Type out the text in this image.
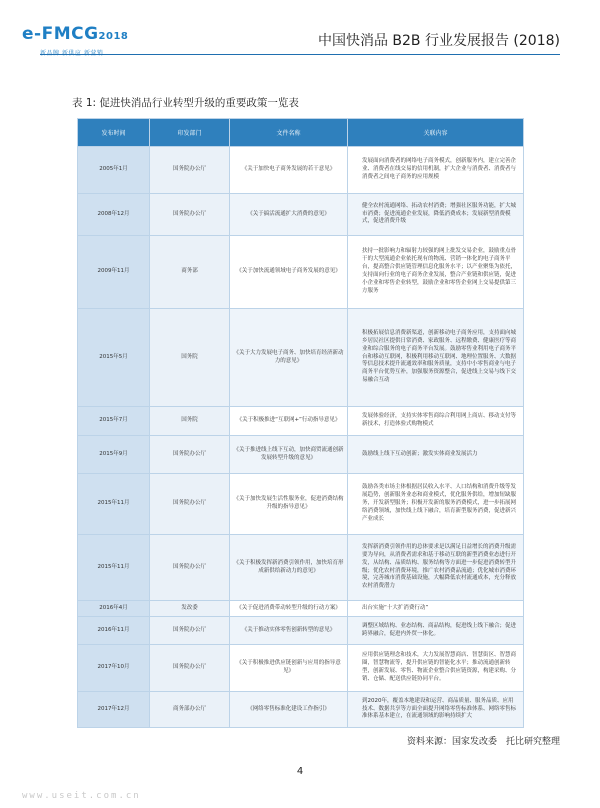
e-FMCG2018	中国快消品 B2B 行业发展报告 (2018)
表 1: 促进快消品行业转型升级的重要政策一览表
发布时间	印发部门	文件名称	关联内容
2005年1月	国务院办公厅	《关于加快电子商务发展的若干意见》	发展面向消费者的网络电子商务模式，创新服务内，建立完善企业、消费者在线交易的信用机制，扩大企业与消费者、消费者与消费者之间电子商务的应用规模
2008年12月	国务院办公厅	《关于搞活流通扩大消费的意见》	健全农村流通网络、拓动农村消费；增强社区服务功能，扩大城市消费；促进流通企业发展，降低消费成本；发展新型消费模式，促进消费升级
2009年11月	商务部	《关于加快流通领域电子商务发展的意见》	扶持一批影响力和辐射力较强的网上批发交易企业，鼓励重点骨干的大型流通企业依托现有的物流、营销一体化的电子商务平台，提高整合供应链管理信息化服务水平；以产业聚集为依托，支持面向行业的电子商务企业发展，整合产业链和供应链，促进小企业和零售企业转型，鼓励企业和零售企业网上交易提供第三方服务
2015年5月	国务院	《关于大力发展电子商务、加快培育经济新动力的意见》	积极拓展信息消费新渠道，创新移动电子商务应用，支持面向城乡居民社区提供日常消费、家政服务、远程缴费、健康医疗等商业和综合服务的电子商务平台发展。鼓励零售业利用电子商务平台和移动互联网，积极利用移动互联网、地理位置服务、大数据等信息技术提升流通效率和服务质量，支持中小零售商业与电子商务平台优势互补，加强服务资源整合，促进线上交易与线下交易融合互动
2015年7月	国务院	《关于积极推进“互联网+”行动指导意见》	发展体验经济，支持实体零售商综合利用网上商店、移动支付等新技术，打造体验式购物模式
2015年9月	国务院办公厅	《关于推进线上线下互动，加快商贸流通创新发展转型升级的意见》	鼓励线上线下互动创新；激发实体商业发展活力
2015年11月	国务院办公厅	《关于加快发展生活性服务业，促进消费结构升级的指导意见》	鼓励各类市场主体根据居民收入水平、人口结构和消费升级等发展趋势，创新服务业态和商业模式，优化服务供给，增加短缺服务，开发新型服务；积极开发新的服务消费模式，进一步拓展网络消费领域，加快线上线下融合，培育新型服务消费，促进新兴产业成长
2015年11月	国务院办公厅	《关于积极发挥新消费引领作用，加快培育形成新供给新动力的意见》	发挥新消费引领作用的总体要求是以满足日益增长的消费升级需要为导向，从消费者需求和基于移动互联的新型消费业态进行开发，从结构、品质结构、服务结构等方面进一步促进消费转型升级；优化农村消费环境，推广农村消费品流通；优化城市消费环境，完善城市消费基础设施，大幅降低农村流通成本，充分释放农村消费潜力
2016年4月	发改委	《关于促进消费带动转型升级的行动方案》	出台实施“十大扩消费行动”
2016年11月	国务院办公厅	《关于推动实体零售创新转型的意见》	调整区域结构、业态结构、商品结构，促进线上线下融合；促进跨界融合，促进内外贸一体化。
2017年10月	国务院办公厅	《关于积极推进供应链创新与应用的指导意见》	应用供应链理念和技术，大力发展智慧商店、智慧街区、智慧商圈，智慧物流等，提升供应链的智能化水平；推动流通创新转型，创新发展、零售、物流企业整合供应链资源，构建采购、分销、仓储、配送供应链协同平台。
2017年12月	商务部办公厅	《网络零售标准化建设工作指引》	到2020年，覆盖本地建设和运营、商品质量、服务品质、应用技术、数据共享等方面全面提升网络零售标准体系、网络零售标准体系基本建立，在流通领域的影响持续扩大
资料来源：国家发改委　托比研究整理
4
www.useit.com.cn
